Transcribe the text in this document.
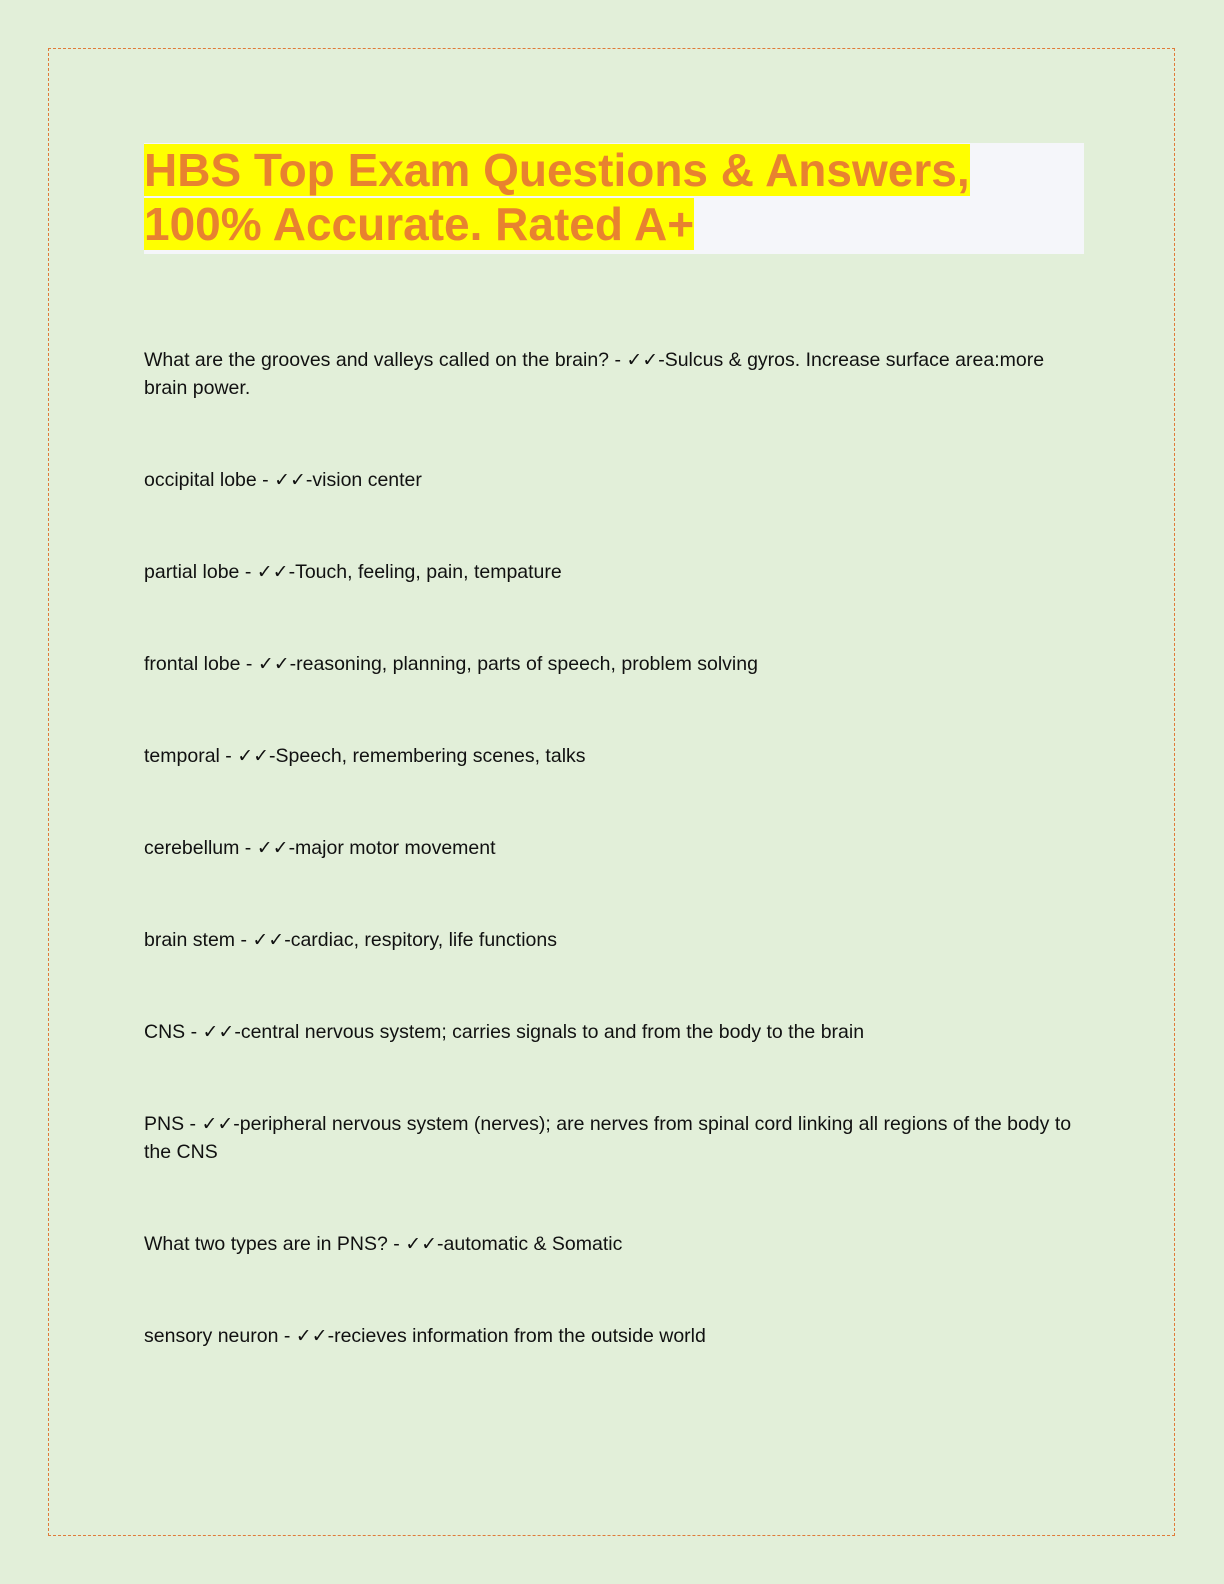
HBS Top Exam Questions & Answers,
100% Accurate. Rated A+

What are the grooves and valleys called on the brain? - ✓✓-Sulcus & gyros. Increase surface area:more brain power.

occipital lobe - ✓✓-vision center

partial lobe - ✓✓-Touch, feeling, pain, tempature

frontal lobe - ✓✓-reasoning, planning, parts of speech, problem solving

temporal - ✓✓-Speech, remembering scenes, talks

cerebellum - ✓✓-major motor movement

brain stem - ✓✓-cardiac, respitory, life functions

CNS - ✓✓-central nervous system; carries signals to and from the body to the brain

PNS - ✓✓-peripheral nervous system (nerves); are nerves from spinal cord linking all regions of the body to the CNS

What two types are in PNS? - ✓✓-automatic & Somatic

sensory neuron - ✓✓-recieves information from the outside world
